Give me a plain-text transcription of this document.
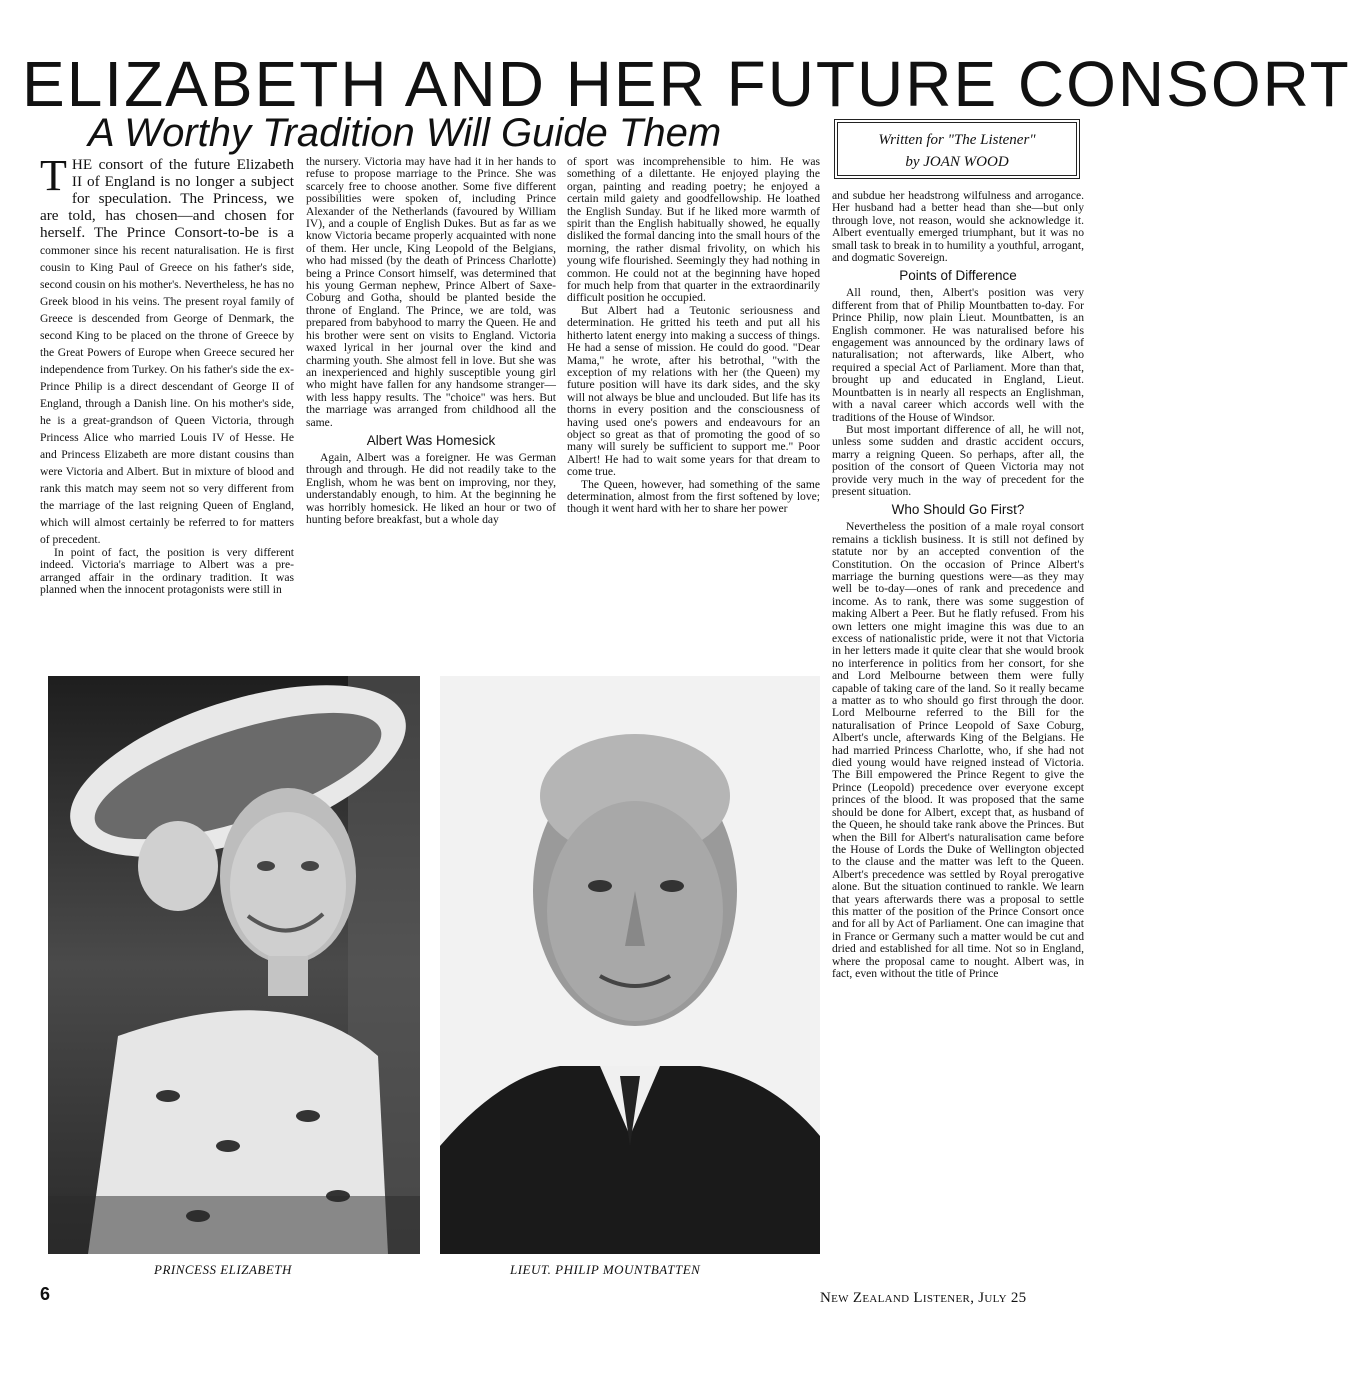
ELIZABETH AND HER FUTURE CONSORT
A Worthy Tradition Will Guide Them	Written for "The Listener"
by JOAN WOOD

THE consort of the future Elizabeth II of England is no longer a subject for speculation. The Princess, we are told, has chosen—and chosen for herself. The Prince Consort-to-be is a commoner since his recent naturalisation. He is first cousin to King Paul of Greece on his father's side, second cousin on his mother's. Nevertheless, he has no Greek blood in his veins. The present royal family of Greece is descended from George of Denmark, the second King to be placed on the throne of Greece by the Great Powers of Europe when Greece secured her independence from Turkey. On his father's side the ex-Prince Philip is a direct descendant of George II of England, through a Danish line. On his mother's side, he is a great-grandson of Queen Victoria, through Princess Alice who married Louis IV of Hesse. He and Princess Elizabeth are more distant cousins than were Victoria and Albert. But in mixture of blood and rank this match may seem not so very different from the marriage of the last reigning Queen of England, which will almost certainly be referred to for matters of precedent.

In point of fact, the position is very different indeed. Victoria's marriage to Albert was a pre-arranged affair in the ordinary tradition. It was planned when the innocent protagonists were still in

the nursery. Victoria may have had it in her hands to refuse to propose marriage to the Prince. She was scarcely free to choose another. Some five different possibilities were spoken of, including Prince Alexander of the Netherlands (favoured by William IV), and a couple of English Dukes. But as far as we know Victoria became properly acquainted with none of them. Her uncle, King Leopold of the Belgians, who had missed (by the death of Princess Charlotte) being a Prince Consort himself, was determined that his young German nephew, Prince Albert of Saxe-Coburg and Gotha, should be planted beside the throne of England. The Prince, we are told, was prepared from babyhood to marry the Queen. He and his brother were sent on visits to England. Victoria waxed lyrical in her journal over the kind and charming youth. She almost fell in love. But she was an inexperienced and highly susceptible young girl who might have fallen for any handsome stranger—with less happy results. The "choice" was hers. But the marriage was arranged from childhood all the same.

Albert Was Homesick

Again, Albert was a foreigner. He was German through and through. He did not readily take to the English, whom he was bent on improving, nor they, understandably enough, to him. At the beginning he was horribly homesick. He liked an hour or two of hunting before breakfast, but a whole day

of sport was incomprehensible to him. He was something of a dilettante. He enjoyed playing the organ, painting and reading poetry; he enjoyed a certain mild gaiety and goodfellowship. He loathed the English Sunday. But if he liked more warmth of spirit than the English habitually showed, he equally disliked the formal dancing into the small hours of the morning, the rather dismal frivolity, on which his young wife flourished. Seemingly they had nothing in common. He could not at the beginning have hoped for much help from that quarter in the extraordinarily difficult position he occupied.

But Albert had a Teutonic seriousness and determination. He gritted his teeth and put all his hitherto latent energy into making a success of things. He had a sense of mission. He could do good. "Dear Mama," he wrote, after his betrothal, "with the exception of my relations with her (the Queen) my future position will have its dark sides, and the sky will not always be blue and unclouded. But life has its thorns in every position and the consciousness of having used one's powers and endeavours for an object so great as that of promoting the good of so many will surely be sufficient to support me." Poor Albert! He had to wait some years for that dream to come true.

The Queen, however, had something of the same determination, almost from the first softened by love; though it went hard with her to share her power

and subdue her headstrong wilfulness and arrogance. Her husband had a better head than she—but only through love, not reason, would she acknowledge it. Albert eventually emerged triumphant, but it was no small task to break in to humility a youthful, arrogant, and dogmatic Sovereign.

Points of Difference

All round, then, Albert's position was very different from that of Philip Mountbatten to-day. For Prince Philip, now plain Lieut. Mountbatten, is an English commoner. He was naturalised before his engagement was announced by the ordinary laws of naturalisation; not afterwards, like Albert, who required a special Act of Parliament. More than that, brought up and educated in England, Lieut. Mountbatten is in nearly all respects an Englishman, with a naval career which accords well with the traditions of the House of Windsor.

But most important difference of all, he will not, unless some sudden and drastic accident occurs, marry a reigning Queen. So perhaps, after all, the position of the consort of Queen Victoria may not provide very much in the way of precedent for the present situation.

Who Should Go First?

Nevertheless the position of a male royal consort remains a ticklish business. It is still not defined by statute nor by an accepted convention of the Constitution. On the occasion of Prince Albert's marriage the burning questions were—as they may well be to-day—ones of rank and precedence and income. As to rank, there was some suggestion of making Albert a Peer. But he flatly refused. From his own letters one might imagine this was due to an excess of nationalistic pride, were it not that Victoria in her letters made it quite clear that she would brook no interference in politics from her consort, for she and Lord Melbourne between them were fully capable of taking care of the land. So it really became a matter as to who should go first through the door. Lord Melbourne referred to the Bill for the naturalisation of Prince Leopold of Saxe Coburg, Albert's uncle, afterwards King of the Belgians. He had married Princess Charlotte, who, if she had not died young would have reigned instead of Victoria. The Bill empowered the Prince Regent to give the Prince (Leopold) precedence over everyone except princes of the blood. It was proposed that the same should be done for Albert, except that, as husband of the Queen, he should take rank above the Princes. But when the Bill for Albert's naturalisation came before the House of Lords the Duke of Wellington objected to the clause and the matter was left to the Queen. Albert's precedence was settled by Royal prerogative alone. But the situation continued to rankle. We learn that years afterwards there was a proposal to settle this matter of the position of the Prince Consort once and for all by Act of Parliament. One can imagine that in France or Germany such a matter would be cut and dried and established for all time. Not so in England, where the proposal came to nought. Albert was, in fact, even without the title of Prince

PRINCESS ELIZABETH	LIEUT. PHILIP MOUNTBATTEN
6	New Zealand Listener, July 25
